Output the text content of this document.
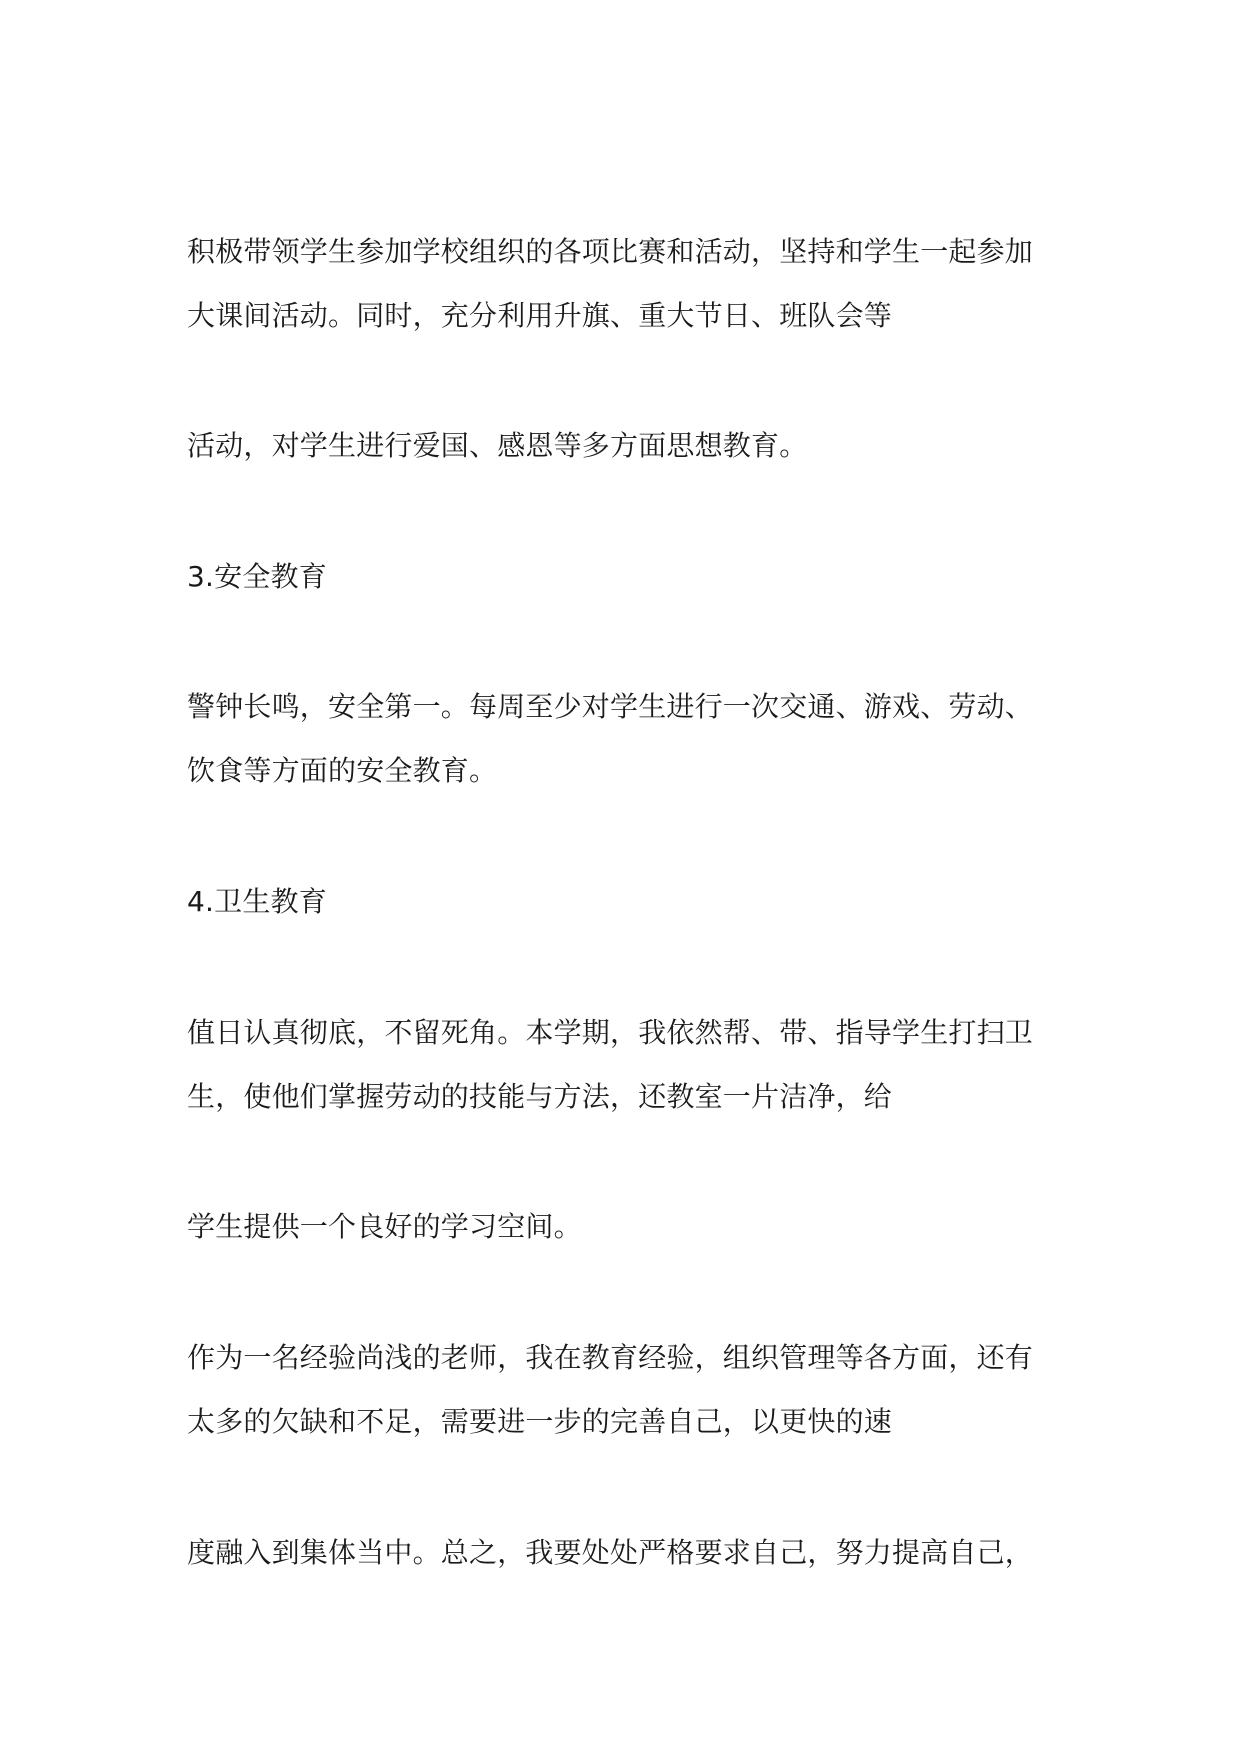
积极带领学生参加学校组织的各项比赛和活动，坚持和学生一起参加
大课间活动。同时，充分利用升旗、重大节日、班队会等
活动，对学生进行爱国、感恩等多方面思想教育。
3.安全教育
警钟长鸣，安全第一。每周至少对学生进行一次交通、游戏、劳动、
饮食等方面的安全教育。
4.卫生教育
值日认真彻底，不留死角。本学期，我依然帮、带、指导学生打扫卫
生，使他们掌握劳动的技能与方法，还教室一片洁净，给
学生提供一个良好的学习空间。
作为一名经验尚浅的老师，我在教育经验，组织管理等各方面，还有
太多的欠缺和不足，需要进一步的完善自己，以更快的速
度融入到集体当中。总之，我要处处严格要求自己，努力提高自己，
